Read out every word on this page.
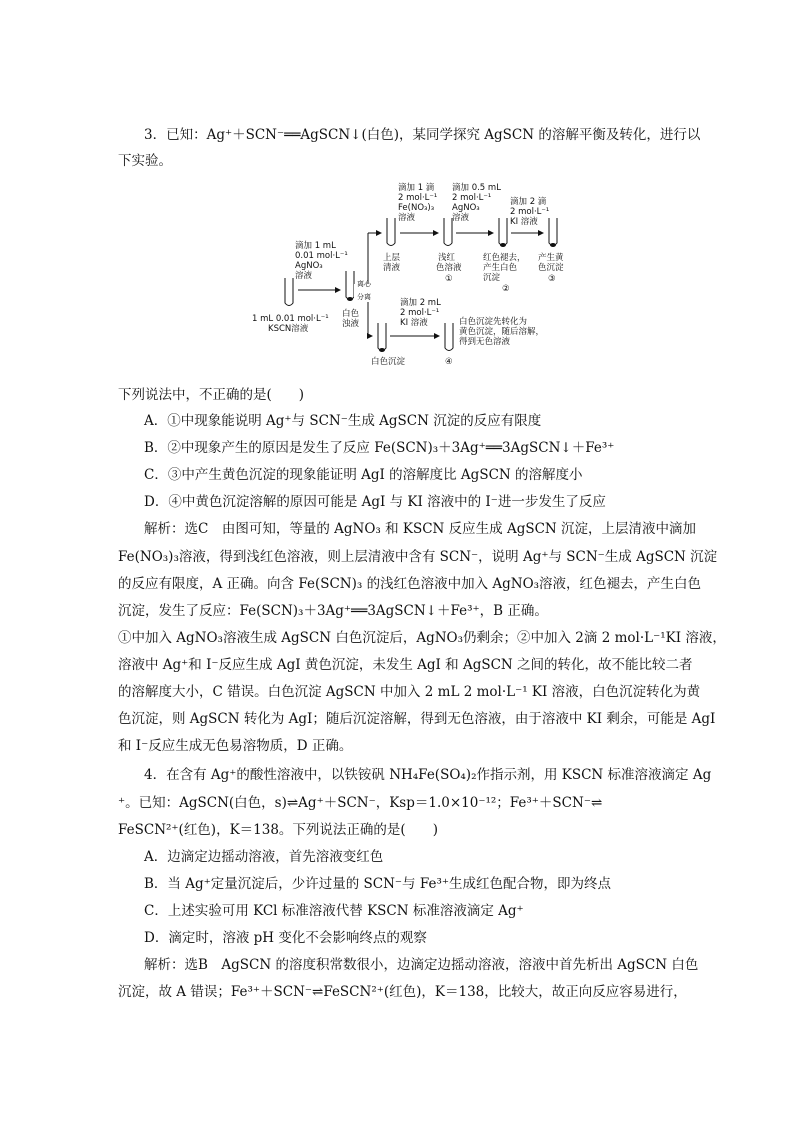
3．已知：Ag⁺＋SCN⁻══AgSCN↓(白色)，某同学探究 AgSCN 的溶解平衡及转化，进行以
下实验。
滴加 1 mL
0.01 mol·L⁻¹
AgNO₃
溶液
1 mL 0.01 mol·L⁻¹
KSCN溶液
白色
浊液
离心
分离
上层
清液
滴加 1 滴
2 mol·L⁻¹
Fe(NO₃)₃
溶液
滴加 0.5 mL
2 mol·L⁻¹
AgNO₃
溶液
滴加 2 滴
2 mol·L⁻¹
KI 溶液
浅红
色溶液
①
红色褪去，
产生白色
沉淀
②
产生黄
色沉淀
③
滴加 2 mL
2 mol·L⁻¹
KI 溶液	白色沉淀先转化为
黄色沉淀，随后溶解，
得到无色溶液
④
白色沉淀
下列说法中，不正确的是(　　)
A．①中现象能说明 Ag⁺与 SCN⁻生成 AgSCN 沉淀的反应有限度
B．②中现象产生的原因是发生了反应 Fe(SCN)₃＋3Ag⁺══3AgSCN↓＋Fe³⁺
C．③中产生黄色沉淀的现象能证明 AgI 的溶解度比 AgSCN 的溶解度小
D．④中黄色沉淀溶解的原因可能是 AgI 与 KI 溶液中的 I⁻进一步发生了反应
解析：选C　由图可知，等量的 AgNO₃ 和 KSCN 反应生成 AgSCN 沉淀，上层清液中滴加
Fe(NO₃)₃溶液，得到浅红色溶液，则上层清液中含有 SCN⁻，说明 Ag⁺与 SCN⁻生成 AgSCN 沉淀
的反应有限度，A 正确。向含 Fe(SCN)₃ 的浅红色溶液中加入 AgNO₃溶液，红色褪去，产生白色
沉淀，发生了反应：Fe(SCN)₃＋3Ag⁺══3AgSCN↓＋Fe³⁺，B 正确。
①中加入 AgNO₃溶液生成 AgSCN 白色沉淀后，AgNO₃仍剩余；②中加入 2滴 2 mol·L⁻¹KI 溶液，
溶液中 Ag⁺和 I⁻反应生成 AgI 黄色沉淀，未发生 AgI 和 AgSCN 之间的转化，故不能比较二者
的溶解度大小，C 错误。白色沉淀 AgSCN 中加入 2 mL 2 mol·L⁻¹ KI 溶液，白色沉淀转化为黄
色沉淀，则 AgSCN 转化为 AgI；随后沉淀溶解，得到无色溶液，由于溶液中 KI 剩余，可能是 AgI
和 I⁻反应生成无色易溶物质，D 正确。
4．在含有 Ag⁺的酸性溶液中，以铁铵矾 NH₄Fe(SO₄)₂作指示剂，用 KSCN 标准溶液滴定 Ag
⁺。已知：AgSCN(白色，s)⇌Ag⁺＋SCN⁻，Ksp＝1.0×10⁻¹²；Fe³⁺＋SCN⁻⇌
FeSCN²⁺(红色)，K＝138。下列说法正确的是(　　)
A．边滴定边摇动溶液，首先溶液变红色
B．当 Ag⁺定量沉淀后，少许过量的 SCN⁻与 Fe³⁺生成红色配合物，即为终点
C．上述实验可用 KCl 标准溶液代替 KSCN 标准溶液滴定 Ag⁺
D．滴定时，溶液 pH 变化不会影响终点的观察
解析：选B　AgSCN 的溶度积常数很小，边滴定边摇动溶液，溶液中首先析出 AgSCN 白色
沉淀，故 A 错误；Fe³⁺＋SCN⁻⇌FeSCN²⁺(红色)，K＝138，比较大，故正向反应容易进行，
